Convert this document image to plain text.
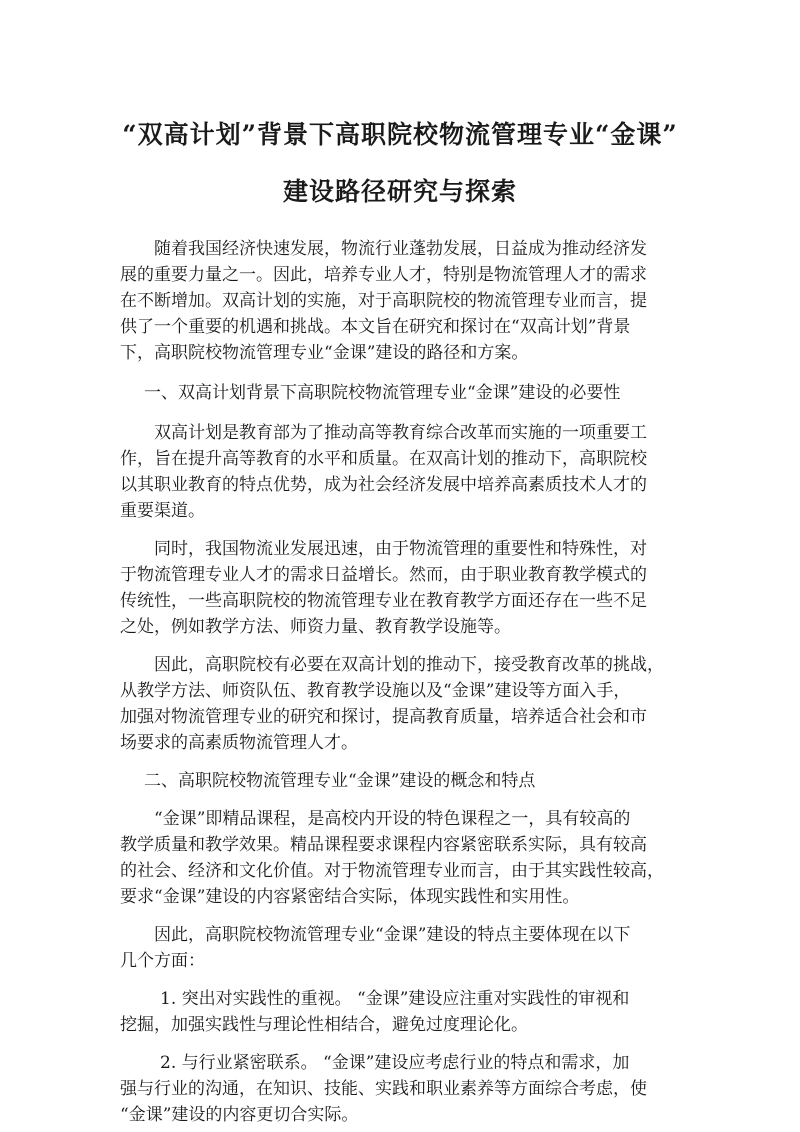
“双高计划”背景下高职院校物流管理专业“金课”
建设路径研究与探索

随着我国经济快速发展，物流行业蓬勃发展，日益成为推动经济发
展的重要力量之一。因此，培养专业人才，特别是物流管理人才的需求
在不断增加。双高计划的实施，对于高职院校的物流管理专业而言，提
供了一个重要的机遇和挑战。本文旨在研究和探讨在“双高计划”背景
下，高职院校物流管理专业“金课”建设的路径和方案。

一、双高计划背景下高职院校物流管理专业“金课”建设的必要性

双高计划是教育部为了推动高等教育综合改革而实施的一项重要工
作，旨在提升高等教育的水平和质量。在双高计划的推动下，高职院校
以其职业教育的特点优势，成为社会经济发展中培养高素质技术人才的
重要渠道。

同时，我国物流业发展迅速，由于物流管理的重要性和特殊性，对
于物流管理专业人才的需求日益增长。然而，由于职业教育教学模式的
传统性，一些高职院校的物流管理专业在教育教学方面还存在一些不足
之处，例如教学方法、师资力量、教育教学设施等。

因此，高职院校有必要在双高计划的推动下，接受教育改革的挑战，
从教学方法、师资队伍、教育教学设施以及“金课”建设等方面入手，
加强对物流管理专业的研究和探讨，提高教育质量，培养适合社会和市
场要求的高素质物流管理人才。

二、高职院校物流管理专业“金课”建设的概念和特点

“金课”即精品课程，是高校内开设的特色课程之一，具有较高的
教学质量和教学效果。精品课程要求课程内容紧密联系实际，具有较高
的社会、经济和文化价值。对于物流管理专业而言，由于其实践性较高，
要求“金课”建设的内容紧密结合实际，体现实践性和实用性。

因此，高职院校物流管理专业“金课”建设的特点主要体现在以下
几个方面：

1. 突出对实践性的重视。 “金课”建设应注重对实践性的审视和
挖掘，加强实践性与理论性相结合，避免过度理论化。

2. 与行业紧密联系。 “金课”建设应考虑行业的特点和需求，加
强与行业的沟通，在知识、技能、实践和职业素养等方面综合考虑，使
“金课”建设的内容更切合实际。
